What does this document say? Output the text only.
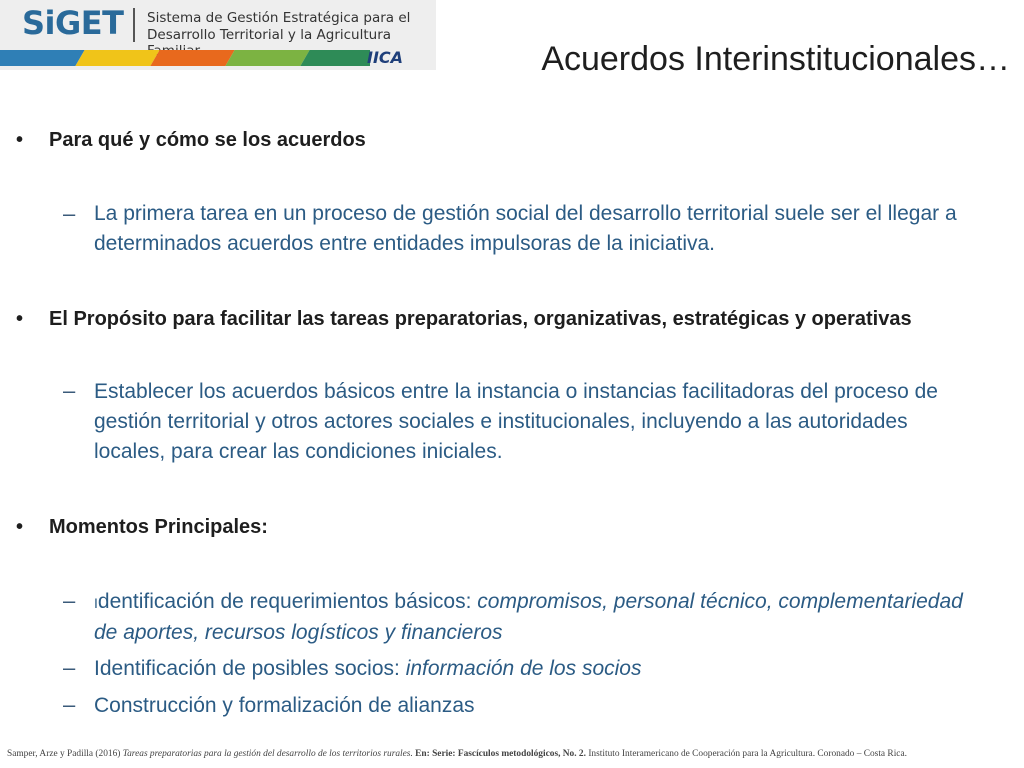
SiGET Sistema de Gestión Estratégica para el
Desarrollo Territorial y la Agricultura
IICA	Acuerdos Interinstitucionales…
• Para qué y cómo se los acuerdos
– La primera tarea en un proceso de gestión social del desarrollo territorial suele ser el llegar a determinados acuerdos entre entidades impulsoras de la iniciativa.
• El Propósito para facilitar las tareas preparatorias, organizativas, estratégicas y operativas
– Establecer los acuerdos básicos entre la instancia o instancias facilitadoras del proceso de gestión territorial y otros actores sociales e institucionales, incluyendo a las autoridades locales, para crear las condiciones iniciales.
• Momentos Principales:
– Identificación de requerimientos básicos: compromisos, personal técnico, complementariedad de aportes, recursos logísticos y financieros
– Identificación de posibles socios: información de los socios
– Construcción y formalización de alianzas
Samper, Arze y Padilla (2016) Tareas preparatorias para la gestión del desarrollo de los territorios rurales. En: Serie: Fascículos metodológicos, No. 2. Instituto Interamericano de Cooperación para la Agricultura. Coronado – Costa Rica.
